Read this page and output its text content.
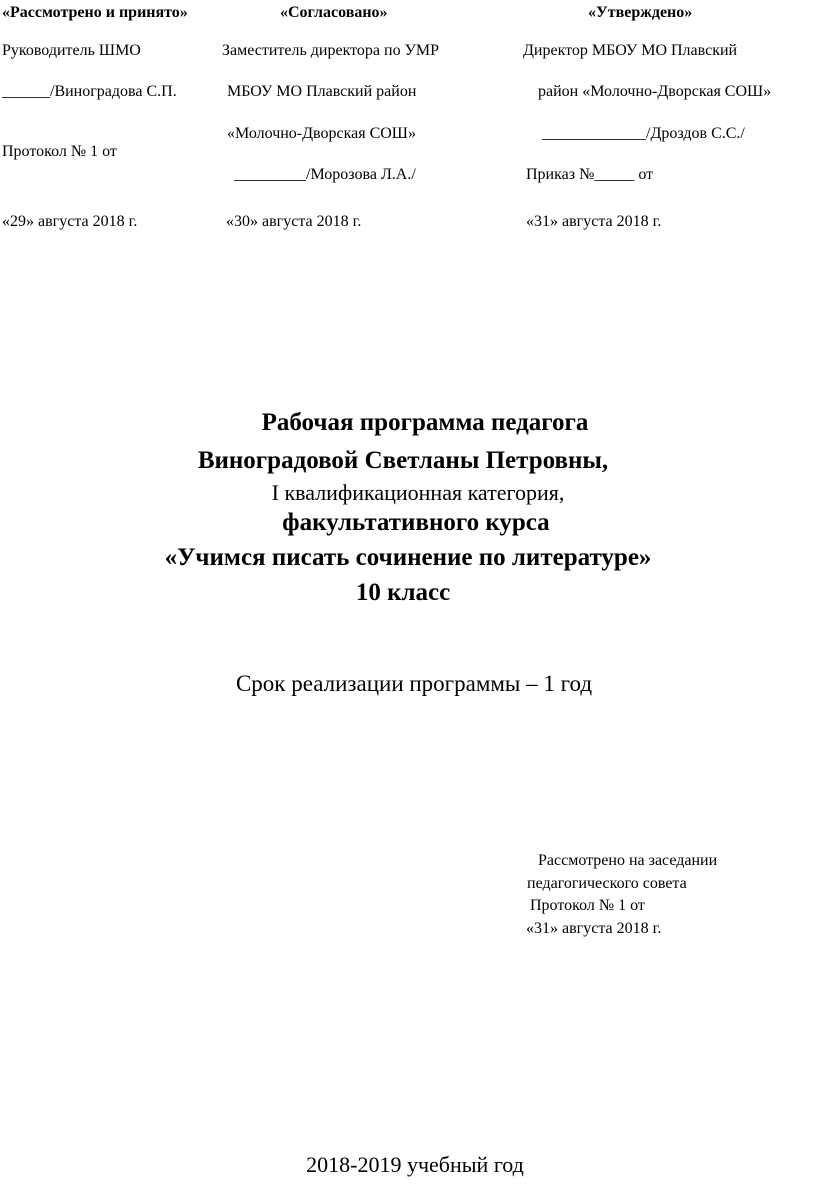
«Рассмотрено и принято»
Руководитель ШМО
______/Виноградова С.П.
Протокол № 1 от
«29» августа 2018 г.
«Согласовано»
Заместитель директора по УМР
МБОУ МО Плавский район
«Молочно-Дворская СОШ»
_________/Морозова Л.А./
«30» августа 2018 г.
«Утверждено»
Директор МБОУ МО Плавский
район «Молочно-Дворская СОШ»
_____________/Дроздов С.С./
Приказ №_____ от
«31» августа 2018 г.
Рабочая программа педагога
Виноградовой Светланы Петровны,
I квалификационная категория,
факультативного курса
«Учимся писать сочинение по литературе»
10 класс
Срок реализации программы – 1 год
Рассмотрено на заседании
педагогического совета
Протокол № 1 от
«31» августа 2018 г.
2018-2019 учебный год
